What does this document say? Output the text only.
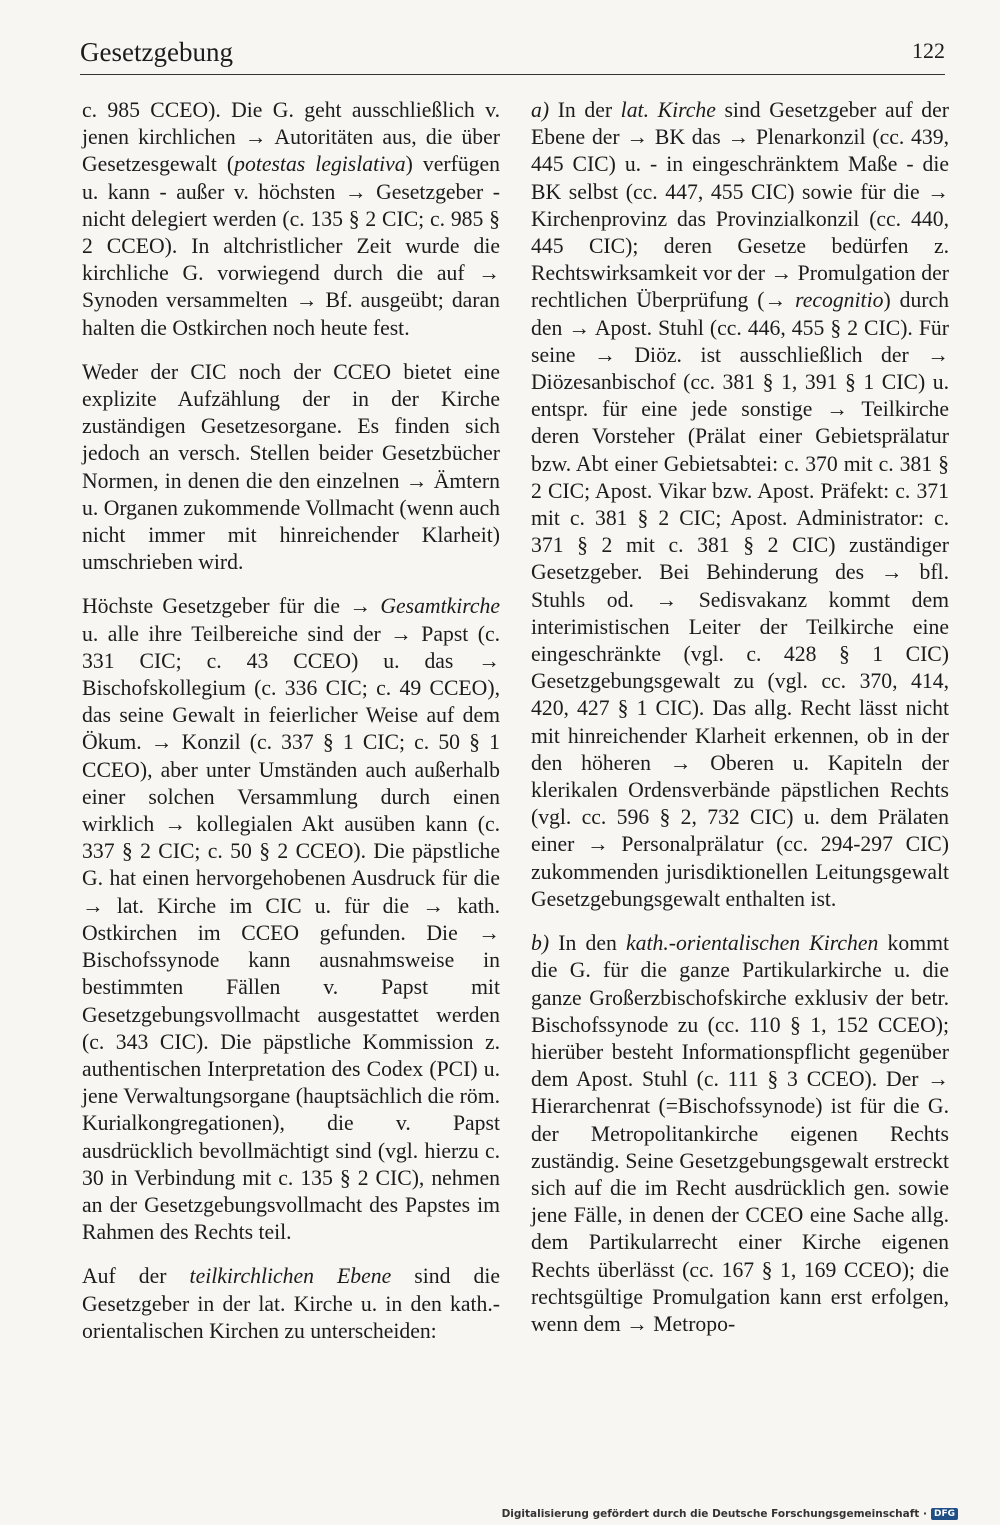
Gesetzgebung	122

c. 985 CCEO). Die G. geht ausschließlich v. jenen kirchlichen → Autoritäten aus, die über Gesetzesgewalt (potestas legislativa) verfügen u. kann - außer v. höchsten → Gesetzgeber - nicht delegiert werden (c. 135 § 2 CIC; c. 985 § 2 CCEO). In altchristlicher Zeit wurde die kirchliche G. vorwiegend durch die auf → Synoden versammelten → Bf. ausgeübt; daran halten die Ostkirchen noch heute fest.

Weder der CIC noch der CCEO bietet eine explizite Aufzählung der in der Kirche zuständigen Gesetzesorgane. Es finden sich jedoch an versch. Stellen beider Gesetzbücher Normen, in denen die den einzelnen → Ämtern u. Organen zukommende Vollmacht (wenn auch nicht immer mit hinreichender Klarheit) umschrieben wird.

Höchste Gesetzgeber für die → Gesamtkirche u. alle ihre Teilbereiche sind der → Papst (c. 331 CIC; c. 43 CCEO) u. das → Bischofskollegium (c. 336 CIC; c. 49 CCEO), das seine Gewalt in feierlicher Weise auf dem Ökum. → Konzil (c. 337 § 1 CIC; c. 50 § 1 CCEO), aber unter Umständen auch außerhalb einer solchen Versammlung durch einen wirklich → kollegialen Akt ausüben kann (c. 337 § 2 CIC; c. 50 § 2 CCEO). Die päpstliche G. hat einen hervorgehobenen Ausdruck für die → lat. Kirche im CIC u. für die → kath. Ostkirchen im CCEO gefunden. Die → Bischofssynode kann ausnahmsweise in bestimmten Fällen v. Papst mit Gesetzgebungsvollmacht ausgestattet werden (c. 343 CIC). Die päpstliche Kommission z. authentischen Interpretation des Codex (PCI) u. jene Verwaltungsorgane (hauptsächlich die röm. Kurialkongregationen), die v. Papst ausdrücklich bevollmächtigt sind (vgl. hierzu c. 30 in Verbindung mit c. 135 § 2 CIC), nehmen an der Gesetzgebungsvollmacht des Papstes im Rahmen des Rechts teil.

Auf der teilkirchlichen Ebene sind die Gesetzgeber in der lat. Kirche u. in den kath.-orientalischen Kirchen zu unterscheiden:

a) In der lat. Kirche sind Gesetzgeber auf der Ebene der → BK das → Plenarkonzil (cc. 439, 445 CIC) u. - in eingeschränktem Maße - die BK selbst (cc. 447, 455 CIC) sowie für die → Kirchenprovinz das Provinzialkonzil (cc. 440, 445 CIC); deren Gesetze bedürfen z. Rechtswirksamkeit vor der → Promulgation der rechtlichen Überprüfung (→ recognitio) durch den → Apost. Stuhl (cc. 446, 455 § 2 CIC). Für seine → Diöz. ist ausschließlich der → Diözesanbischof (cc. 381 § 1, 391 § 1 CIC) u. entspr. für eine jede sonstige → Teilkirche deren Vorsteher (Prälat einer Gebietsprälatur bzw. Abt einer Gebietsabtei: c. 370 mit c. 381 § 2 CIC; Apost. Vikar bzw. Apost. Präfekt: c. 371 mit c. 381 § 2 CIC; Apost. Administrator: c. 371 § 2 mit c. 381 § 2 CIC) zuständiger Gesetzgeber. Bei Behinderung des → bfl. Stuhls od. → Sedisvakanz kommt dem interimistischen Leiter der Teilkirche eine eingeschränkte (vgl. c. 428 § 1 CIC) Gesetzgebungsgewalt zu (vgl. cc. 370, 414, 420, 427 § 1 CIC). Das allg. Recht lässt nicht mit hinreichender Klarheit erkennen, ob in der den höheren → Oberen u. Kapiteln der klerikalen Ordensverbände päpstlichen Rechts (vgl. cc. 596 § 2, 732 CIC) u. dem Prälaten einer → Personalprälatur (cc. 294-297 CIC) zukommenden jurisdiktionellen Leitungsgewalt Gesetzgebungsgewalt enthalten ist.

b) In den kath.-orientalischen Kirchen kommt die G. für die ganze Partikularkirche u. die ganze Großerzbischofskirche exklusiv der betr. Bischofssynode zu (cc. 110 § 1, 152 CCEO); hierüber besteht Informationspflicht gegenüber dem Apost. Stuhl (c. 111 § 3 CCEO). Der → Hierarchenrat (=Bischofssynode) ist für die G. der Metropolitankirche eigenen Rechts zuständig. Seine Gesetzgebungsgewalt erstreckt sich auf die im Recht ausdrücklich gen. sowie jene Fälle, in denen der CCEO eine Sache allg. dem Partikularrecht einer Kirche eigenen Rechts überlässt (cc. 167 § 1, 169 CCEO); die rechtsgültige Promulgation kann erst erfolgen, wenn dem → Metropo-

Digitalisierung gefördert durch die Deutsche Forschungsgemeinschaft · DFG
